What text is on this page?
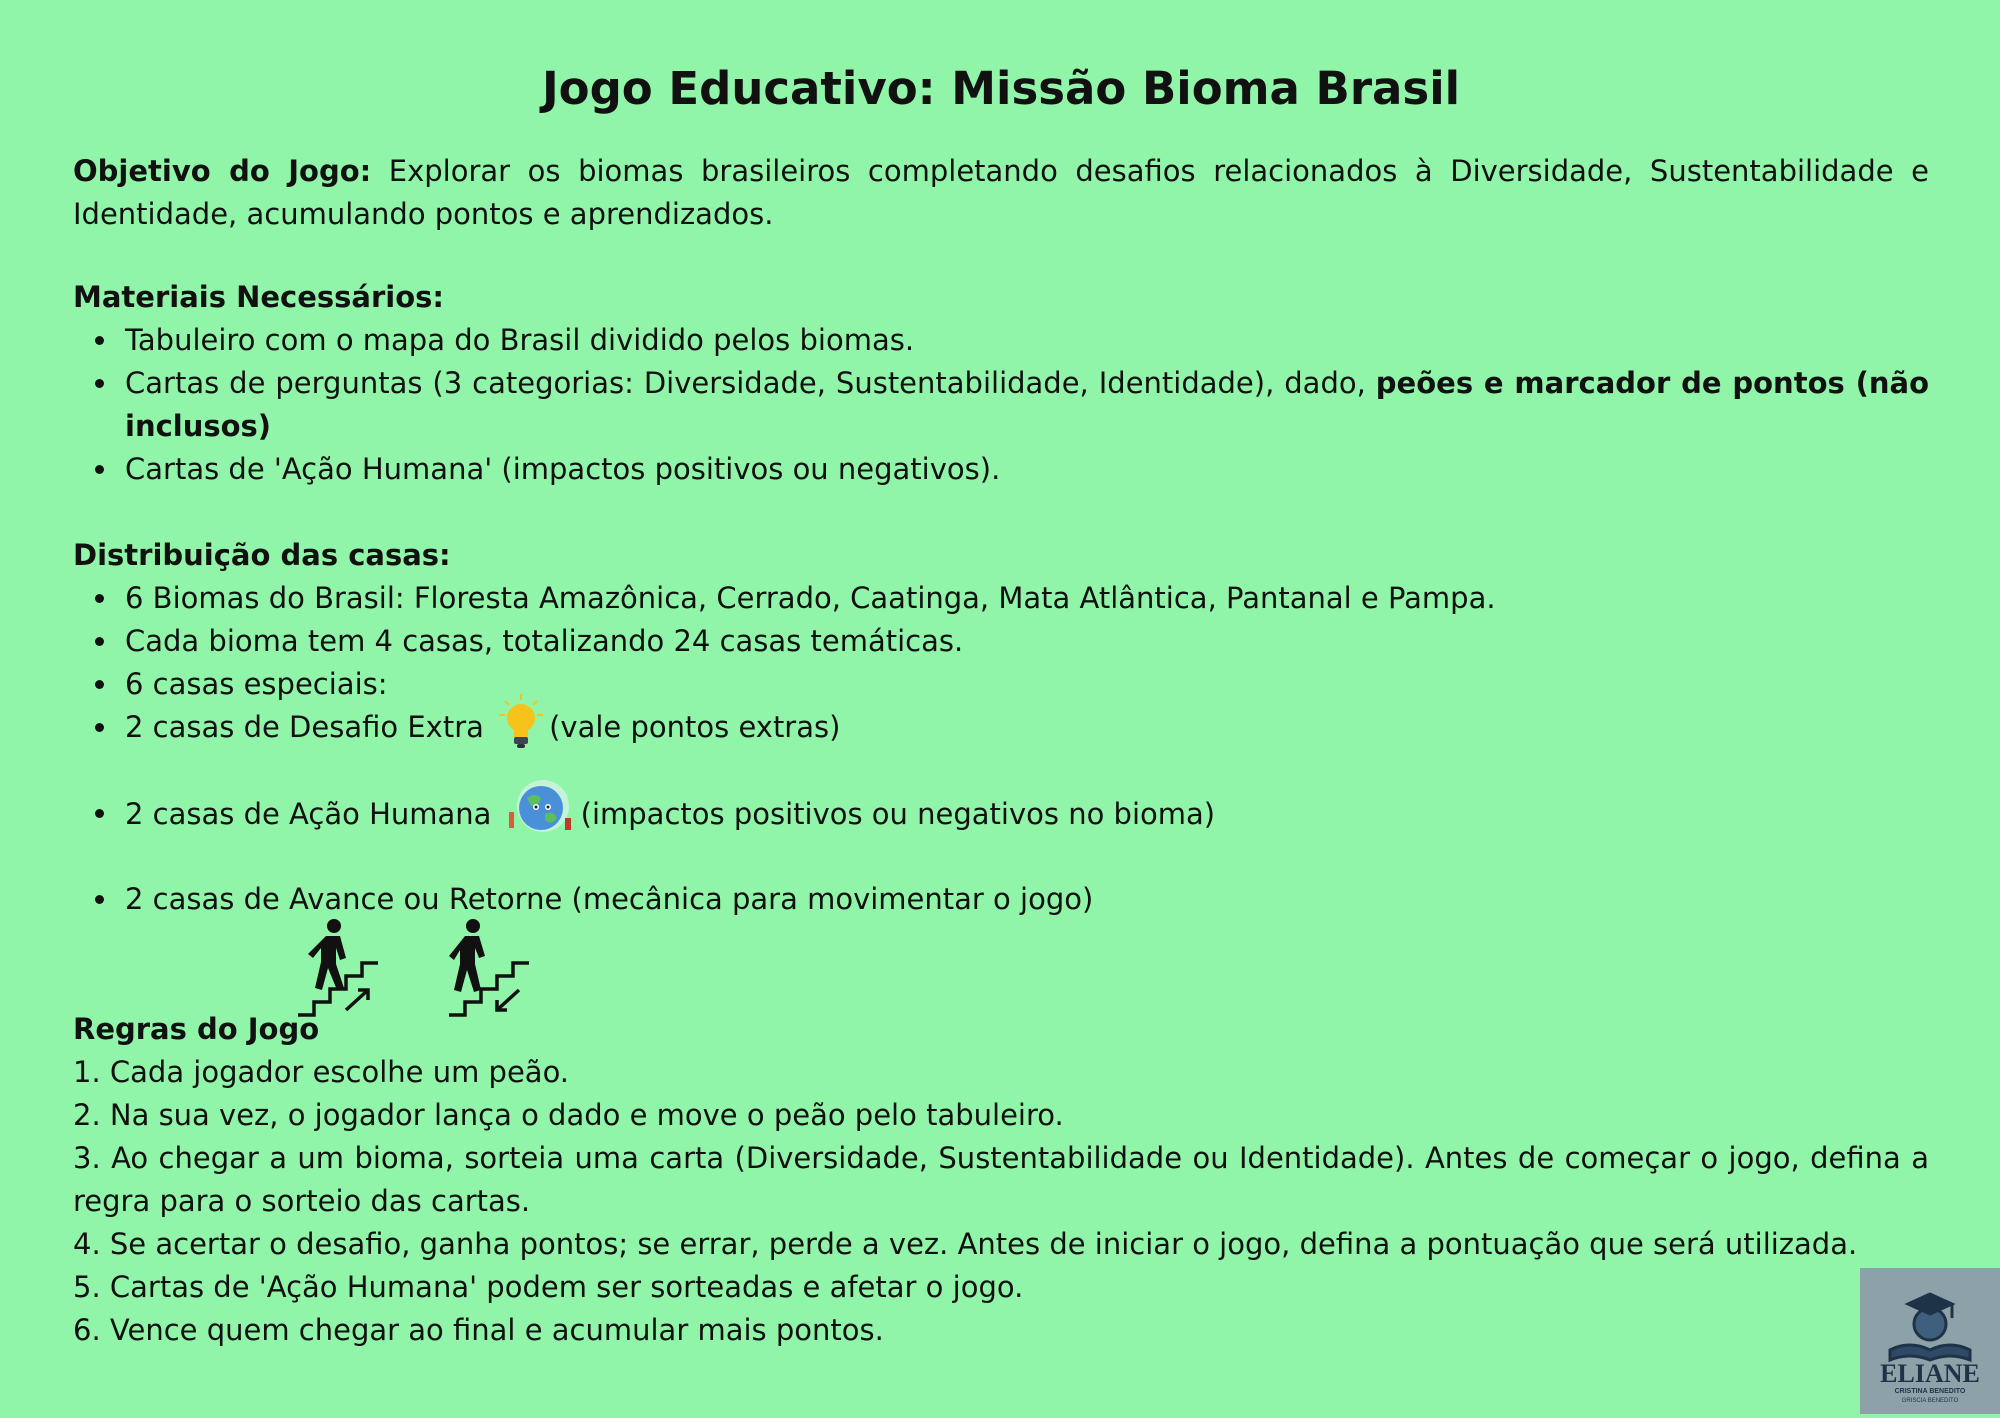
Jogo Educativo: Missão Bioma Brasil
Objetivo do Jogo: Explorar os biomas brasileiros completando desafios relacionados à Diversidade, Sustentabilidade e Identidade, acumulando pontos e aprendizados.
Materiais Necessários:
Tabuleiro com o mapa do Brasil dividido pelos biomas.
Cartas de perguntas (3 categorias: Diversidade, Sustentabilidade, Identidade), dado, peões e marcador de pontos (não inclusos)
Cartas de 'Ação Humana' (impactos positivos ou negativos).
Distribuição das casas:
6 Biomas do Brasil: Floresta Amazônica, Cerrado, Caatinga, Mata Atlântica, Pantanal e Pampa.
Cada bioma tem 4 casas, totalizando 24 casas temáticas.
6 casas especiais:
2 casas de Desafio Extra (vale pontos extras)
2 casas de Ação Humana	(impactos positivos ou negativos no bioma)
2 casas de Avance ou Retorne (mecânica para movimentar o jogo)
Regras do Jogo
1. Cada jogador escolhe um peão.
2. Na sua vez, o jogador lança o dado e move o peão pelo tabuleiro.
3. Ao chegar a um bioma, sorteia uma carta (Diversidade, Sustentabilidade ou Identidade). Antes de começar o jogo, defina a regra para o sorteio das cartas.
4. Se acertar o desafio, ganha pontos; se errar, perde a vez. Antes de iniciar o jogo, defina a pontuação que será utilizada.
5. Cartas de 'Ação Humana' podem ser sorteadas e afetar o jogo.
6. Vence quem chegar ao final e acumular mais pontos.
ELIANE
CRISTINA BENEDITO
GRISCIA BENEDITO
